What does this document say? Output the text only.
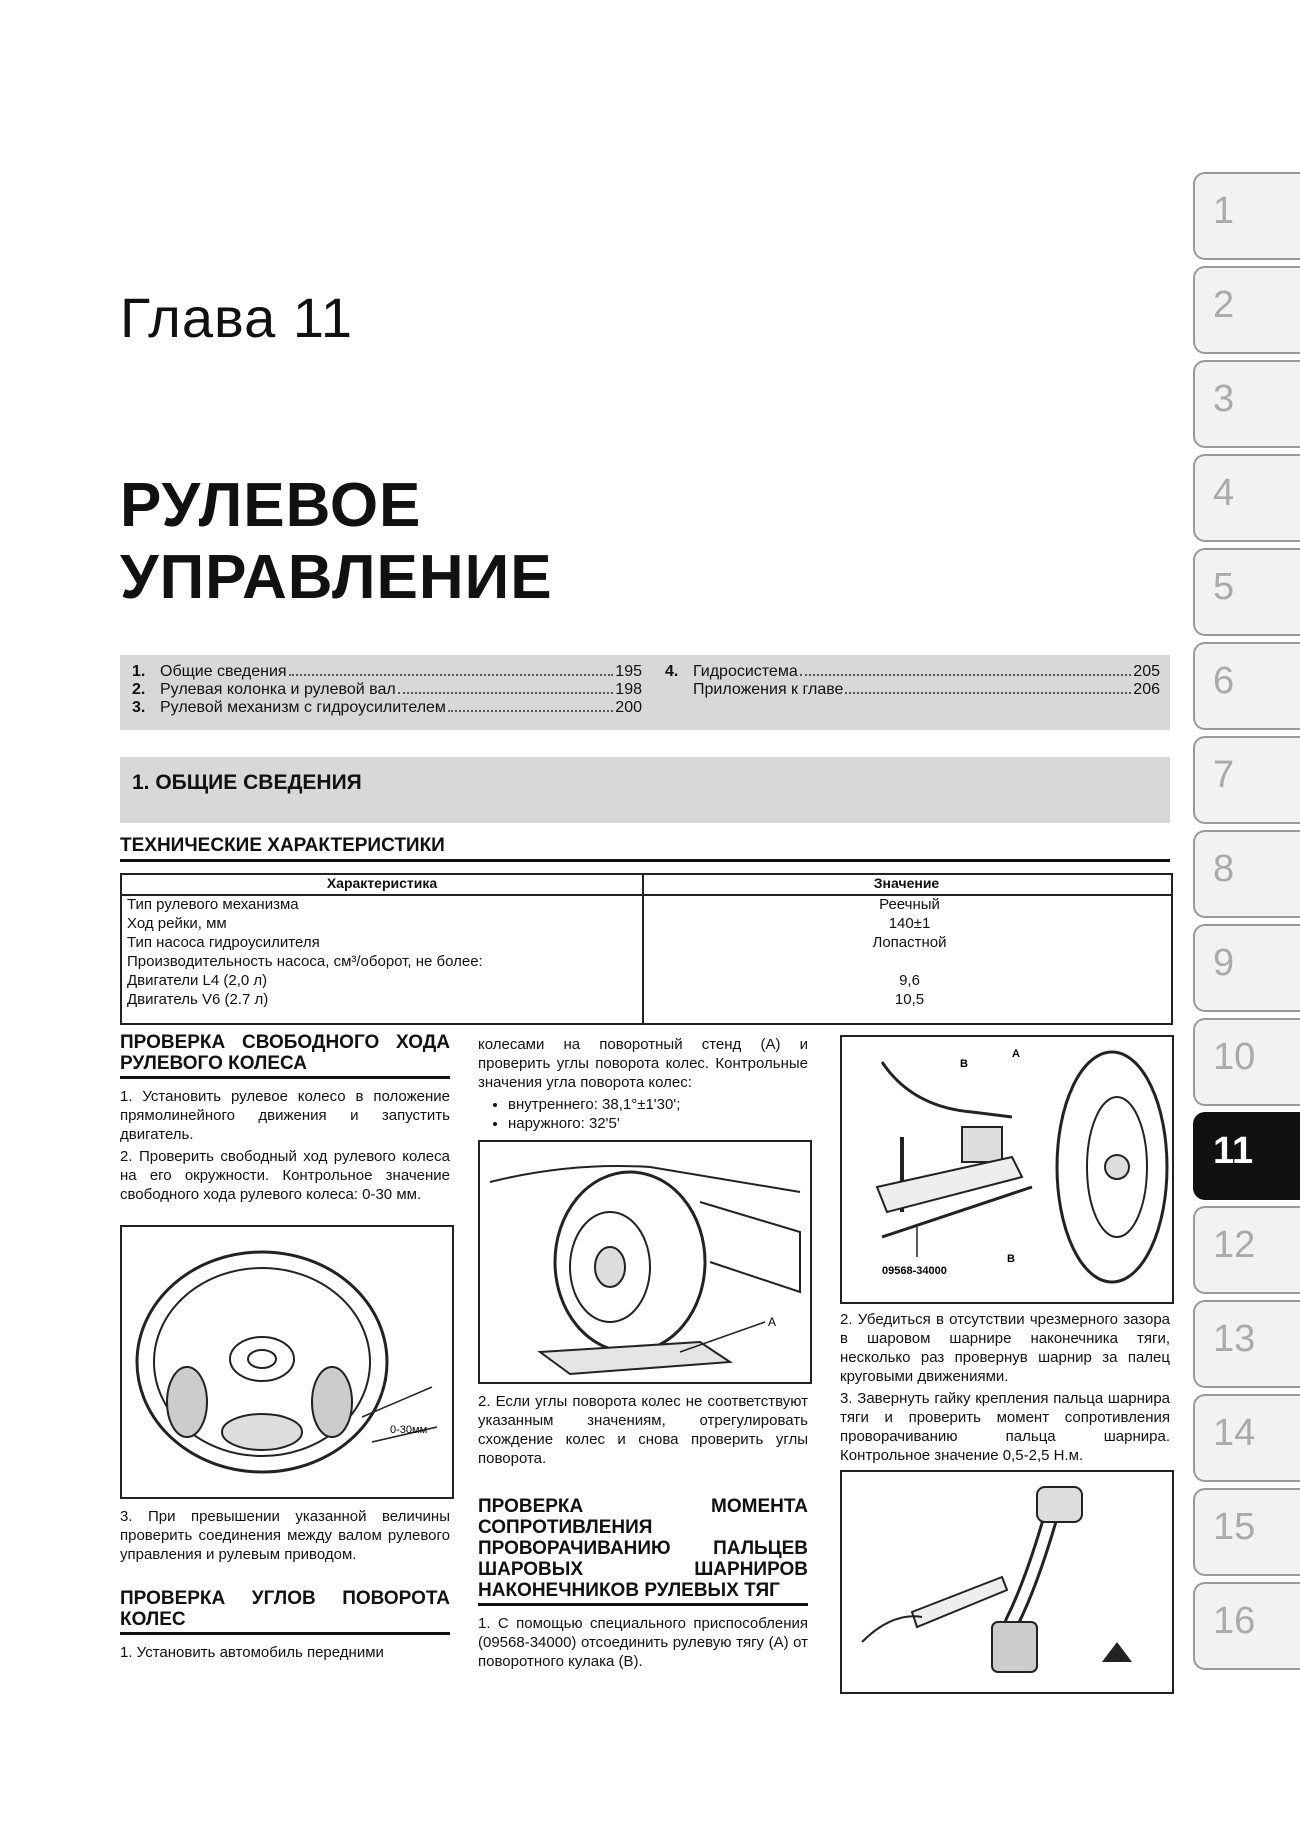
Глава 11
РУЛЕВОЕ
УПРАВЛЕНИЕ
1. Общие сведения	195
2. Рулевая колонка и рулевой вал	198
3. Рулевой механизм с гидроусилителем	200
4. Гидросистема	205
Приложения к главе	206
1. ОБЩИЕ СВЕДЕНИЯ
ТЕХНИЧЕСКИЕ ХАРАКТЕРИСТИКИ
Характеристика	Значение
Тип рулевого механизма	Реечный
Ход рейки, мм	140±1
Тип насоса гидроусилителя	Лопастной
Производительность насоса, см³/оборот, не более:
Двигатели L4 (2,0 л)	9,6
Двигатель V6 (2.7 л)	10,5
ПРОВЕРКА СВОБОДНОГО ХОДА РУЛЕВОГО КОЛЕСА

1. Установить рулевое колесо в положение прямолинейного движения и запустить двигатель.

2. Проверить свободный ход рулевого колеса на его окружности. Контрольное значение свободного хода рулевого колеса: 0-30 мм.

0-30мм

3. При превышении указанной величины проверить соединения между валом рулевого управления и рулевым приводом.

ПРОВЕРКА УГЛОВ ПОВОРОТА КОЛЕС

1. Установить автомобиль передними

колесами на поворотный стенд (А) и проверить углы поворота колес. Контрольные значения угла поворота колес:

• внутреннего: 38,1°±1'30';
• наружного: 32'5'
A

2. Если углы поворота колес не соответствуют указанным значениям, отрегулировать схождение колес и снова проверить углы поворота.

ПРОВЕРКА МОМЕНТА СОПРОТИВЛЕНИЯ ПРОВОРАЧИВАНИЮ ПАЛЬЦЕВ ШАРОВЫХ ШАРНИРОВ НАКОНЕЧНИКОВ РУЛЕВЫХ ТЯГ

1. С помощью специального приспособления (09568-34000) отсоединить рулевую тягу (А) от поворотного кулака (В).

B
A
09568-34000
B

2. Убедиться в отсутствии чрезмерного зазора в шаровом шарнире наконечника тяги, несколько раз провернув шарнир за палец круговыми движениями.

3. Завернуть гайку крепления пальца шарнира тяги и проверить момент сопротивления проворачиванию пальца шарнира. Контрольное значение 0,5-2,5 Н.м.

1
2
3
4
5
6
7
8
9
10
11
12
13
14
15
16
